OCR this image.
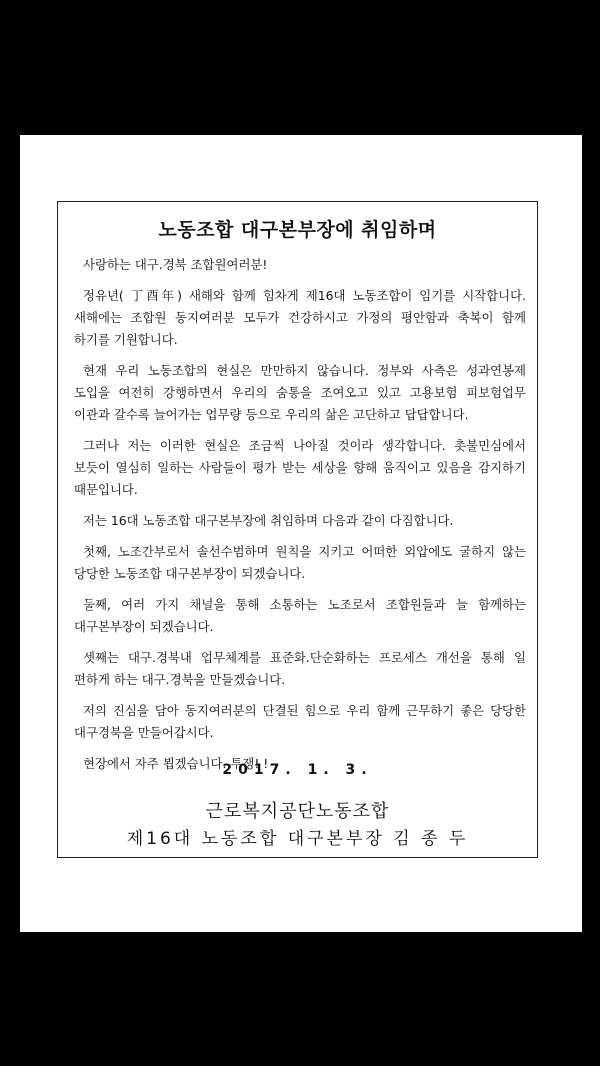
노동조합 대구본부장에 취임하며

사랑하는 대구.경북 조합원여러분!

정유년( 丁酉年) 새해와 함께 힘차게 제16대 노동조합이 임기를 시작합니다. 새해에는 조합원 동지여러분 모두가 건강하시고 가정의 평안함과 축복이 함께 하기를 기원합니다.

현재 우리 노동조합의 현실은 만만하지 않습니다. 정부와 사측은 성과연봉제 도입을 여전히 강행하면서 우리의 숨통을 조여오고 있고 고용보험 피보험업무 이관과 갈수록 늘어가는 업무량 등으로 우리의 삶은 고단하고 답답합니다.

그러나 저는 이러한 현실은 조금씩 나아질 것이라 생각합니다. 촛불민심에서 보듯이 열심히 일하는 사람들이 평가 받는 세상을 향해 움직이고 있음을 감지하기 때문입니다.

저는 16대 노동조합 대구본부장에 취임하며 다음과 같이 다짐합니다.

첫째, 노조간부로서 솔선수범하며 원칙을 지키고 어떠한 외압에도 굴하지 않는 당당한 노동조합 대구본부장이 되겠습니다.

둘째, 여러 가지 채널을 통해 소통하는 노조로서 조합원들과 늘 함께하는 대구본부장이 되겠습니다.

셋째는 대구.경북내 업무체계를 표준화.단순화하는 프로세스 개선을 통해 일 편하게 하는 대구.경북을 만들겠습니다.

저의 진심을 담아 동지여러분의 단결된 힘으로 우리 함께 근무하기 좋은 당당한 대구경북을 만들어갑시다.

현장에서 자주 뵙겠습니다. 투쟁! !

2017. 1. 3.
근로복지공단노동조합
제16대 노동조합 대구본부장 김 종 두
